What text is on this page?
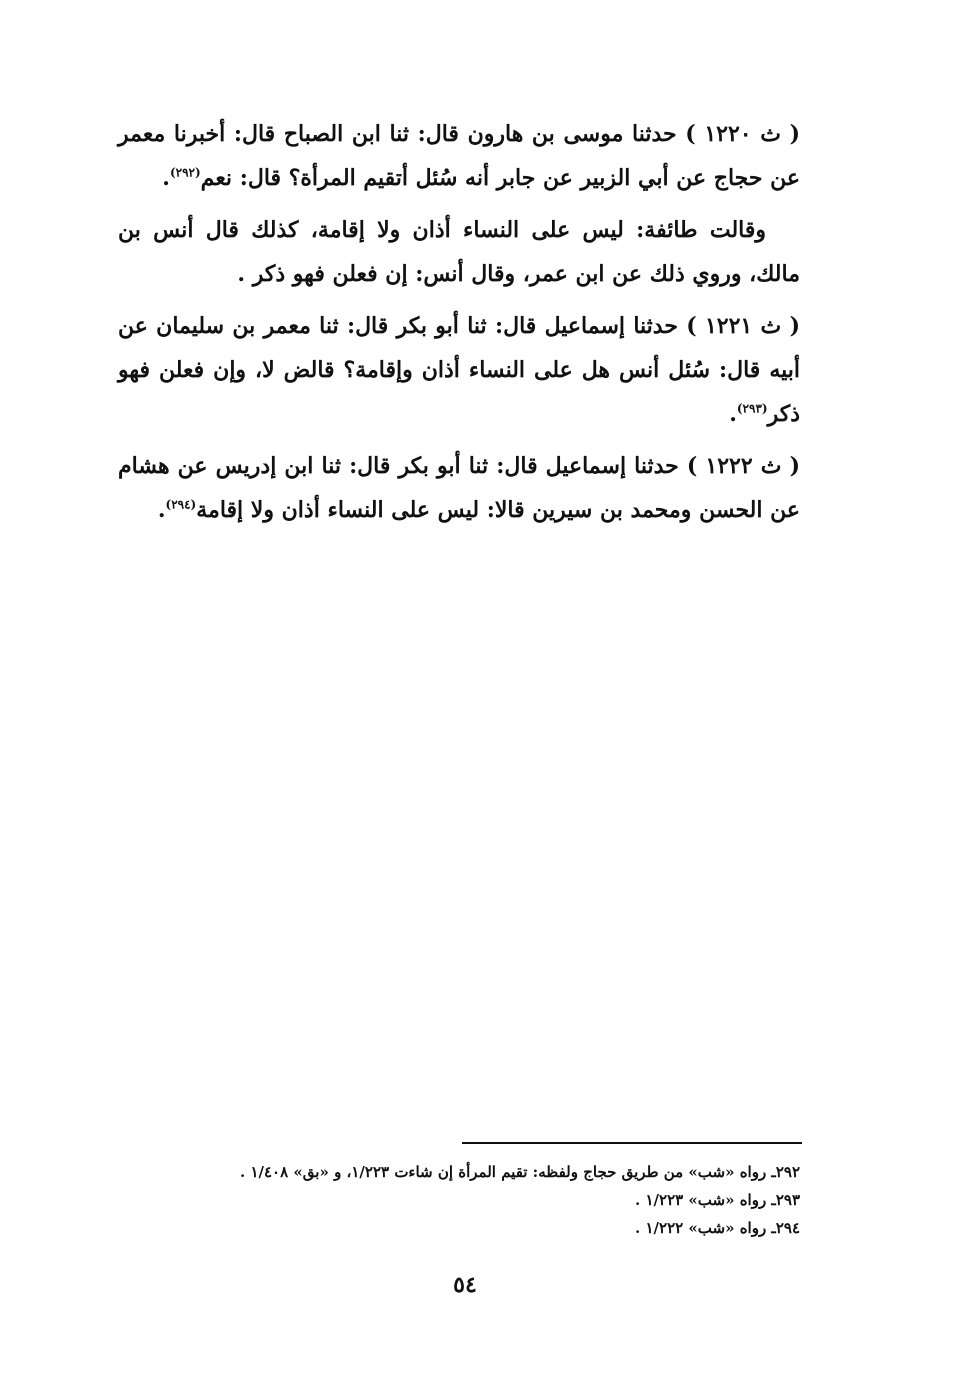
( ث ١٢٢٠ ) حدثنا موسى بن هارون قال: ثنا ابن الصباح قال: أخبرنا معمر عن حجاج عن أبي الزبير عن جابر أنه سُئل أتقيم المرأة؟ قال: نعم$^{(٢٩٢)}$.

وقالت طائفة: ليس على النساء أذان ولا إقامة، كذلك قال أنس بن مالك، وروي ذلك عن ابن عمر، وقال أنس: إن فعلن فهو ذكر .

( ث ١٢٢١ ) حدثنا إسماعيل قال: ثنا أبو بكر قال: ثنا معمر بن سليمان عن أبيه قال: سُئل أنس هل على النساء أذان وإقامة؟ قالض لا، وإن فعلن فهو ذكر$^{(٢٩٣)}$.

( ث ١٢٢٢ ) حدثنا إسماعيل قال: ثنا أبو بكر قال: ثنا ابن إدريس عن هشام عن الحسن ومحمد بن سيرين قالا: ليس على النساء أذان ولا إقامة$^{(٢٩٤)}$.

٢٩٢ـ رواه «شب» من طريق حجاج ولفظه: تقيم المرأة إن شاءت ١/٢٢٣، و «بق» ١/٤٠٨ .

٢٩٣ـ رواه «شب» ١/٢٢٣ .

٢٩٤ـ رواه «شب» ١/٢٢٢ .

٥٤
